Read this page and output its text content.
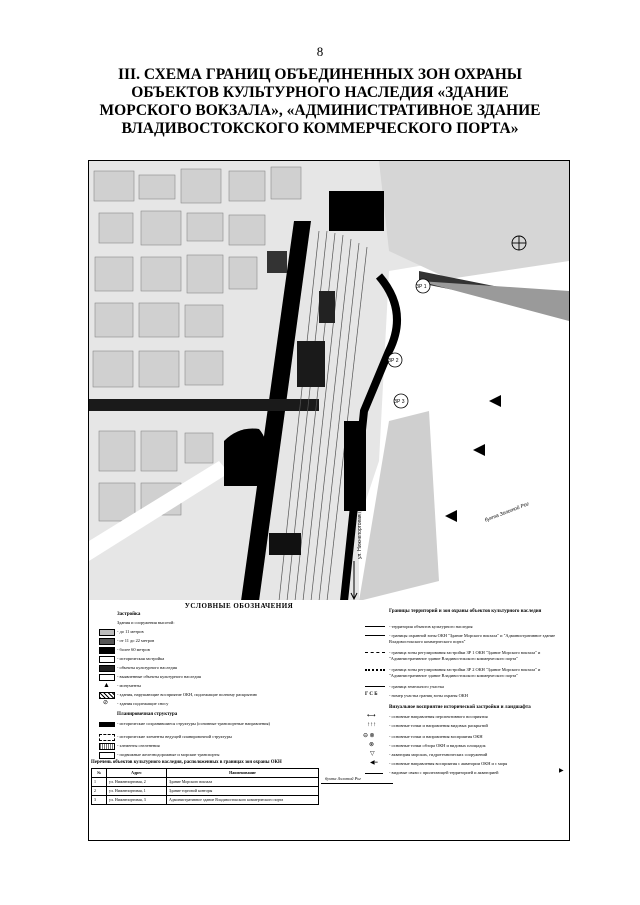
8
III. СХЕМА ГРАНИЦ ОБЪЕДИНЕННЫХ ЗОН ОХРАНЫ
ОБЪЕКТОВ КУЛЬТУРНОГО НАСЛЕДИЯ «ЗДАНИЕ
МОРСКОГО ВОКЗАЛА», «АДМИНИСТРАТИВНОЕ ЗДАНИЕ
ВЛАДИВОСТОКСКОГО КОММЕРЧЕСКОГО ПОРТА»
бухта Золотой Рог
ул. Нижнепортовая / ул. Фонтанная
ЗР 1
ЗР 2
ЗР 3
УСЛОВНЫЕ ОБОЗНАЧЕНИЯ
Застройка
Здания и сооружения высотой:
- до 11 метров
- от 11 до 22 метров
- более 60 метров
- историческая застройка
- объекты культурного наследия
- выявленные объекты культурного наследия
▲ - монументы
- здания, нарушающие восприятие ОКН, подлежащие полному раскрытию
⊘ - здания подлежащие сносу
Планировочная структура
- исторические сохранившиеся структуры (основные транспортные направления)
- исторические элементы ведущей планировочной структуры
- элементы озеленения
- подвижные железнодорожные и морские транспорты
Перечень объектов культурного наследия, расположенных в границах зон охраны ОКН
№	Адрес	Наименование
1	ул. Нижнепортовая, 2	Здание Морского вокзала
2	ул. Нижнепортовая, 1	Здание торговой конторы
3	ул. Нижнепортовая, 3	Административное здание Владивостокского коммерческого порта
бухта Золотой Рог
Границы территорий и зон охраны объектов культурного наследия
- территория объектов культурного наследия
- границы охранной зоны ОКН "Здание Морского вокзала" и "Административное здание Владивостокского коммерческого порта"
- граница зоны регулирования застройки ЗР 1 ОКН "Здание Морского вокзала" и "Административное здание Владивостокского коммерческого порта"
- граница зоны регулирования застройки ЗР 2 ОКН "Здание Морского вокзала" и "Административное здание Владивостокского коммерческого порта"
- граница земельного участка
Г С Б	- номер участка границ зоны охраны ОКН
Визуальное восприятие исторической застройки и ландшафта
⟷	- основные направления перспективного восприятия
↑↑↑	- основные точки и направления видовых раскрытий
⊖ ⊗	- основные точки и направления восприятия ОКН
⊗	- основные точки обзора ОКН и видовых площадок
▽	- акватория морских, гидротехнических сооружений
◀≡	- основные направления восприятия с акватории ОКН и с моря
▶
- видовые связи с прилегающей территорией и акваторией
